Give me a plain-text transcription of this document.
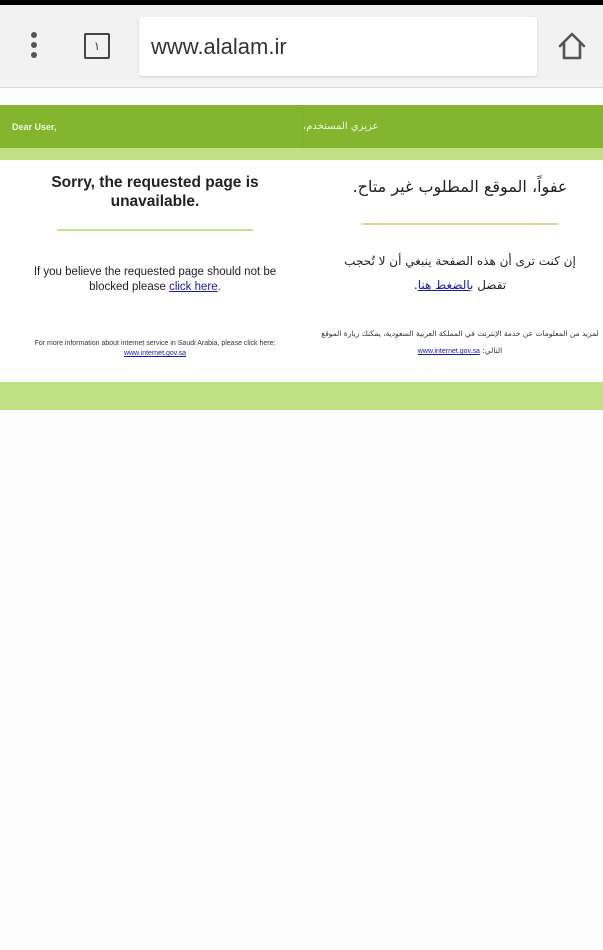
١ www.alalam.ir
Dear User,	عزيزي المستخدم،
Sorry, the requested page is unavailable.
If you believe the requested page should not be blocked please click here.
For more information about internet service in Saudi Arabia, please click here:
www.internet.gov.sa
عفواً، الموقع المطلوب غير متاح.
إن كنت ترى أن هذه الصفحة ينبغي أن لا تُحجب تفضل بالضغط هنا.
لمزيد من المعلومات عن خدمة الإنترنت في المملكة العربية السعودية، يمكنك زيارة الموقع التالي: www.internet.gov.sa
